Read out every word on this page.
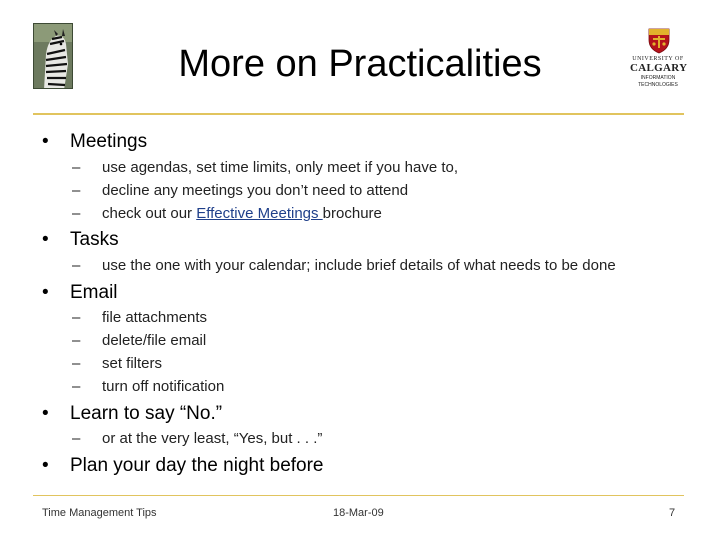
UNIVERSITY OF
CALGARY
INFORMATION
TECHNOLOGIES
More on Practicalities
• Meetings
– use agendas, set time limits, only meet if you have to,
– decline any meetings you don’t need to attend
– check out our Effective Meetings brochure
• Tasks
– use the one with your calendar; include brief details of what needs to be done
• Email
– file attachments
– delete/file email
– set filters
– turn off notification
• Learn to say “No.”
– or at the very least, “Yes, but . . .”
• Plan your day the night before
Time Management Tips	18-Mar-09	7
